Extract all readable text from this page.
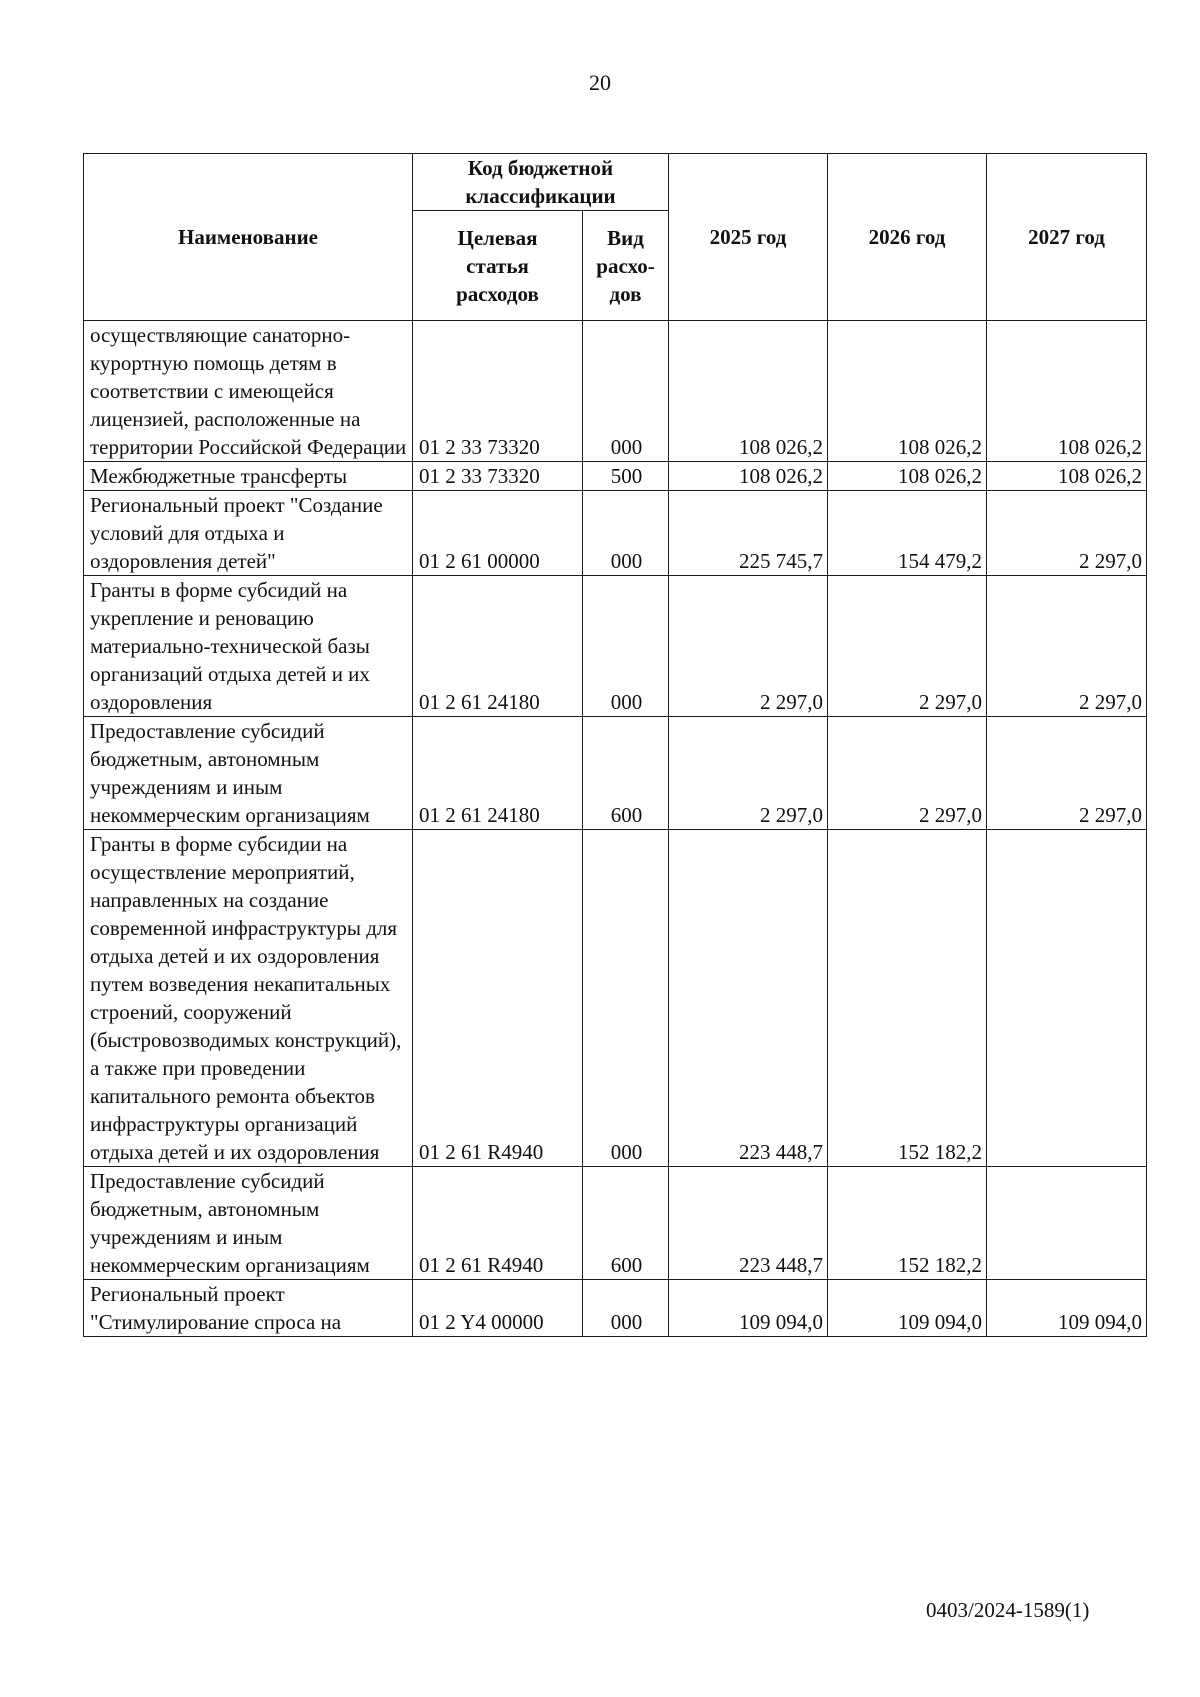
20
Наименование	Код бюджетной классификации		2025 год	2026 год	2027 год
	Целевая статья расходов	Вид расхо-дов			
осуществляющие санаторно-курортную помощь детям в соответствии с имеющейся лицензией, расположенные на территории Российской Федерации	01 2 33 73320	000	108 026,2	108 026,2	108 026,2
Межбюджетные трансферты	01 2 33 73320	500	108 026,2	108 026,2	108 026,2
Региональный проект "Создание условий для отдыха и оздоровления детей"	01 2 61 00000	000	225 745,7	154 479,2	2 297,0
Гранты в форме субсидий на укрепление и реновацию материально-технической базы организаций отдыха детей и их оздоровления	01 2 61 24180	000	2 297,0	2 297,0	2 297,0
Предоставление субсидий бюджетным, автономным учреждениям и иным некоммерческим организациям	01 2 61 24180	600	2 297,0	2 297,0	2 297,0
Гранты в форме субсидии на осуществление мероприятий, направленных на создание современной инфраструктуры для отдыха детей и их оздоровления путем возведения некапитальных строений, сооружений (быстровозводимых конструкций), а также при проведении капитального ремонта объектов инфраструктуры организаций отдыха детей и их оздоровления	01 2 61 R4940	000	223 448,7	152 182,2	
Предоставление субсидий бюджетным, автономным учреждениям и иным некоммерческим организациям	01 2 61 R4940	600	223 448,7	152 182,2	
Региональный проект "Стимулирование спроса на	01 2 Y4 00000	000	109 094,0	109 094,0	109 094,0
0403/2024-1589(1)
